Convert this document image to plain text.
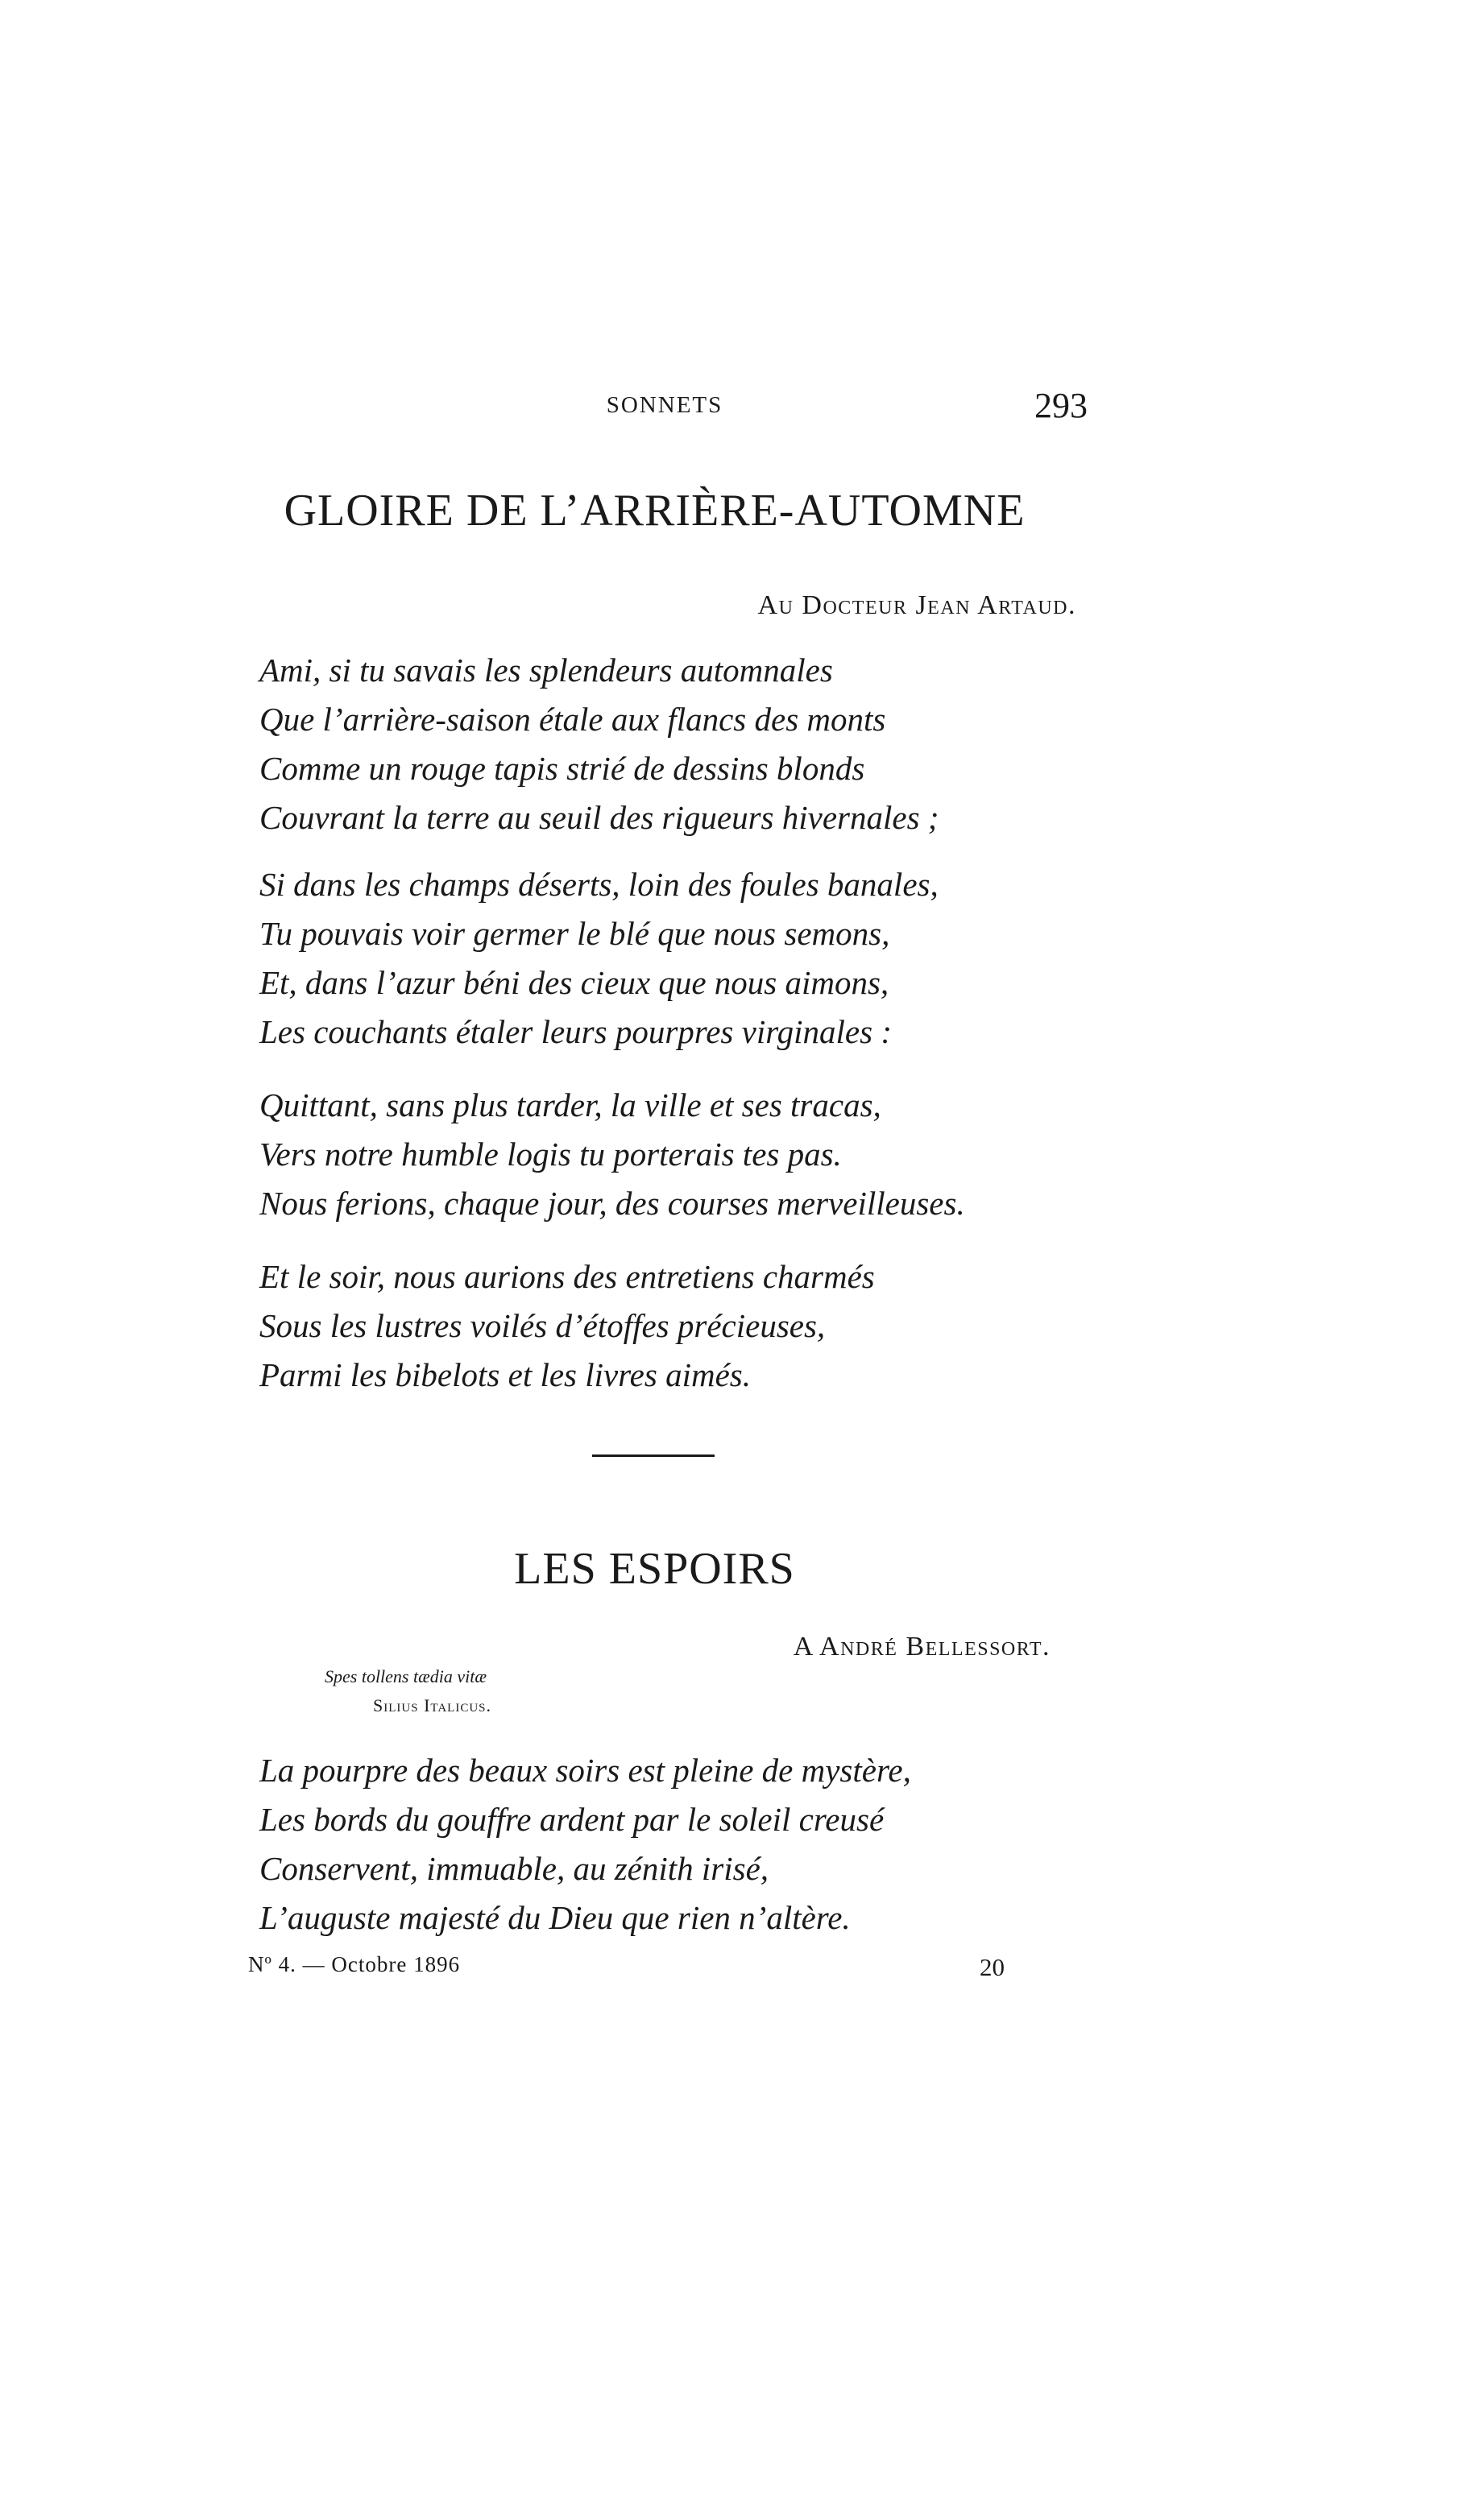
SONNETS	293
GLOIRE DE L’ARRIÈRE-AUTOMNE
Au Docteur Jean Artaud.
Ami, si tu savais les splendeurs automnales
Que l’arrière-saison étale aux flancs des monts
Comme un rouge tapis strié de dessins blonds
Couvrant la terre au seuil des rigueurs hivernales ;
Si dans les champs déserts, loin des foules banales,
Tu pouvais voir germer le blé que nous semons,
Et, dans l’azur béni des cieux que nous aimons,
Les couchants étaler leurs pourpres virginales :
Quittant, sans plus tarder, la ville et ses tracas,
Vers notre humble logis tu porterais tes pas.
Nous ferions, chaque jour, des courses merveilleuses.
Et le soir, nous aurions des entretiens charmés
Sous les lustres voilés d’étoffes précieuses,
Parmi les bibelots et les livres aimés.
LES ESPOIRS
A André Bellessort.
Spes tollens tædia vitæ
Silius Italicus.
La pourpre des beaux soirs est pleine de mystère,
Les bords du gouffre ardent par le soleil creusé
Conservent, immuable, au zénith irisé,
L’auguste majesté du Dieu que rien n’altère.
Nº 4. — Octobre 1896	20
